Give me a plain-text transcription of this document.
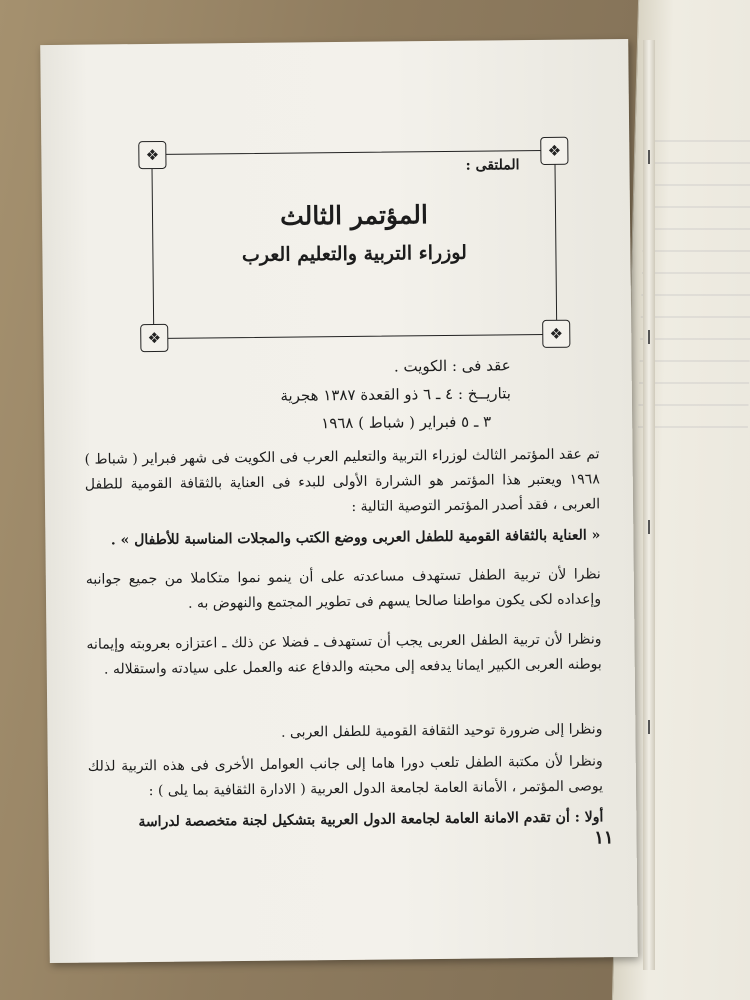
❖	❖
❖	❖
الملتقى :
المؤتمر الثالث
لوزراء التربية والتعليم العرب
عقد فى : الكويت .
بتاريــخ : ٤ ـ ٦ ذو القعدة ١٣٨٧ هجرية
٣ ـ ٥ فبراير ( شباط ) ١٩٦٨
تم عقد المؤتمر الثالث لوزراء التربية والتعليم العرب فى الكويت فى شهر فبراير ( شباط ) ١٩٦٨ ويعتبر هذا المؤتمر هو الشرارة الأولى للبدء فى العناية بالثقافة القومية للطفل العربى ، فقد أصدر المؤتمر التوصية التالية :
« العناية بالثقافة القومية للطفل العربى ووضع الكتب والمجلات المناسبة للأطفال » .
نظرا لأن تربية الطفل تستهدف مساعدته على أن ينمو نموا متكاملا من جميع جوانبه وإعداده لكى يكون مواطنا صالحا يسهم فى تطوير المجتمع والنهوض به .
ونظرا لأن تربية الطفل العربى يجب أن تستهدف ـ فضلا عن ذلك ـ اعتزازه بعروبته وإيمانه بوطنه العربى الكبير ايمانا يدفعه إلى محبته والدفاع عنه والعمل على سيادته واستقلاله .
ونظرا إلى ضرورة توحيد الثقافة القومية للطفل العربى .
ونظرا لأن مكتبة الطفل تلعب دورا هاما إلى جانب العوامل الأخرى فى هذه التربية لذلك يوصى المؤتمر ، الأمانة العامة لجامعة الدول العربية ( الادارة الثقافية بما يلى ) :
أولا : أن تقدم الامانة العامة لجامعة الدول العربية بتشكيل لجنة متخصصة لدراسة
١١
